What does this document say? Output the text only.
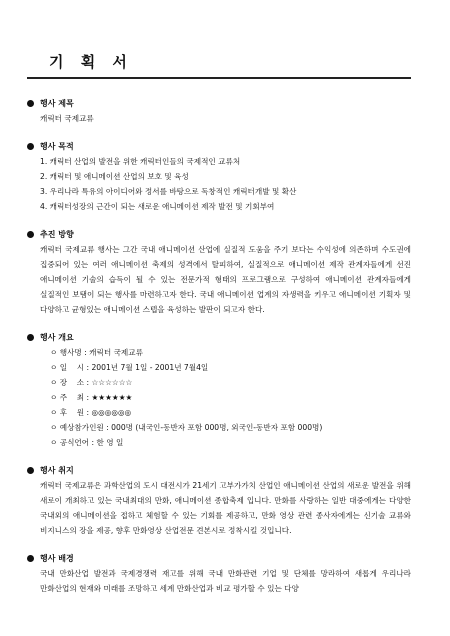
기 획 서
행사 제목
캐릭터 국제교류
행사 목적
1. 캐릭터 산업의 발전을 위한 캐릭터인들의 국제적인 교류처
2. 캐릭터 및 애니메이션 산업의 보호 및 육성
3. 우리나라 특유의 아이디어와 정서를 바탕으로 독창적인 캐릭터개발 및 확산
4. 캐릭터성장의 근간이 되는 새로운 애니메이션 제작 발전 및 기회부여
추진 방향
캐릭터 국제교류 행사는 그간 국내 애니메이션 산업에 실질적 도움을 주기 보다는 수익성에 의존하며 수도권에 집중되어 있는 여러 애니메이션 축제의 성격에서 탈피하여, 실질적으로 애니메이션 제작 관계자들에게 선진 애니메이션 기술의 습득이 될 수 있는 전문가적 형태의 프로그램으로 구성하여 애니메이션 관계자들에게 실질적인 보탬이 되는 행사를 마련하고자 한다. 국내 애니메이션 업계의 자생력을 키우고 애니메이션 기획자 및 다양하고 균형있는 애니메이션 스텝을 육성하는 발판이 되고자 한다.
행사 개요
ㅇ 행사명 : 캐릭터 국제교류
ㅇ 일    시 : 2001년 7월 1일 - 2001년 7월4일
ㅇ 장    소 : ☆☆☆☆☆☆
ㅇ 주    최 : ★★★★★★
ㅇ 후    원 : ◎◎◎◎◎◎
ㅇ 예상참가인원 : 000명 (내국인-동반자 포함 000명, 외국인-동반자 포함 000명)
ㅇ 공식언어 : 한 영 일
행사 취지
캐릭터 국제교류은 과학산업의 도시 대전시가 21세기 고부가가치 산업인 애니메이션 산업의 새로운 발전을 위해 새로이 개최하고 있는 국내최대의 만화, 애니메이션 종합축제 입니다. 만화를 사랑하는 일반 대중에게는 다양한 국내외의 애니메이션을 접하고 체험할 수 있는 기회를 제공하고, 만화 영상 관련 종사자에게는 신기술 교류와 비지니스의 장을 제공, 향후 만화영상 산업전문 견본시로 정착시킬 것입니다.
행사 배경
국내 만화산업 발전과 국제경쟁력 재고를 위해 국내 만화관련 기업 및 단체를 망라하여 새롭게 우리나라 만화산업의 현재와 미래를 조망하고 세계 만화산업과 비교 평가할 수 있는 다양
